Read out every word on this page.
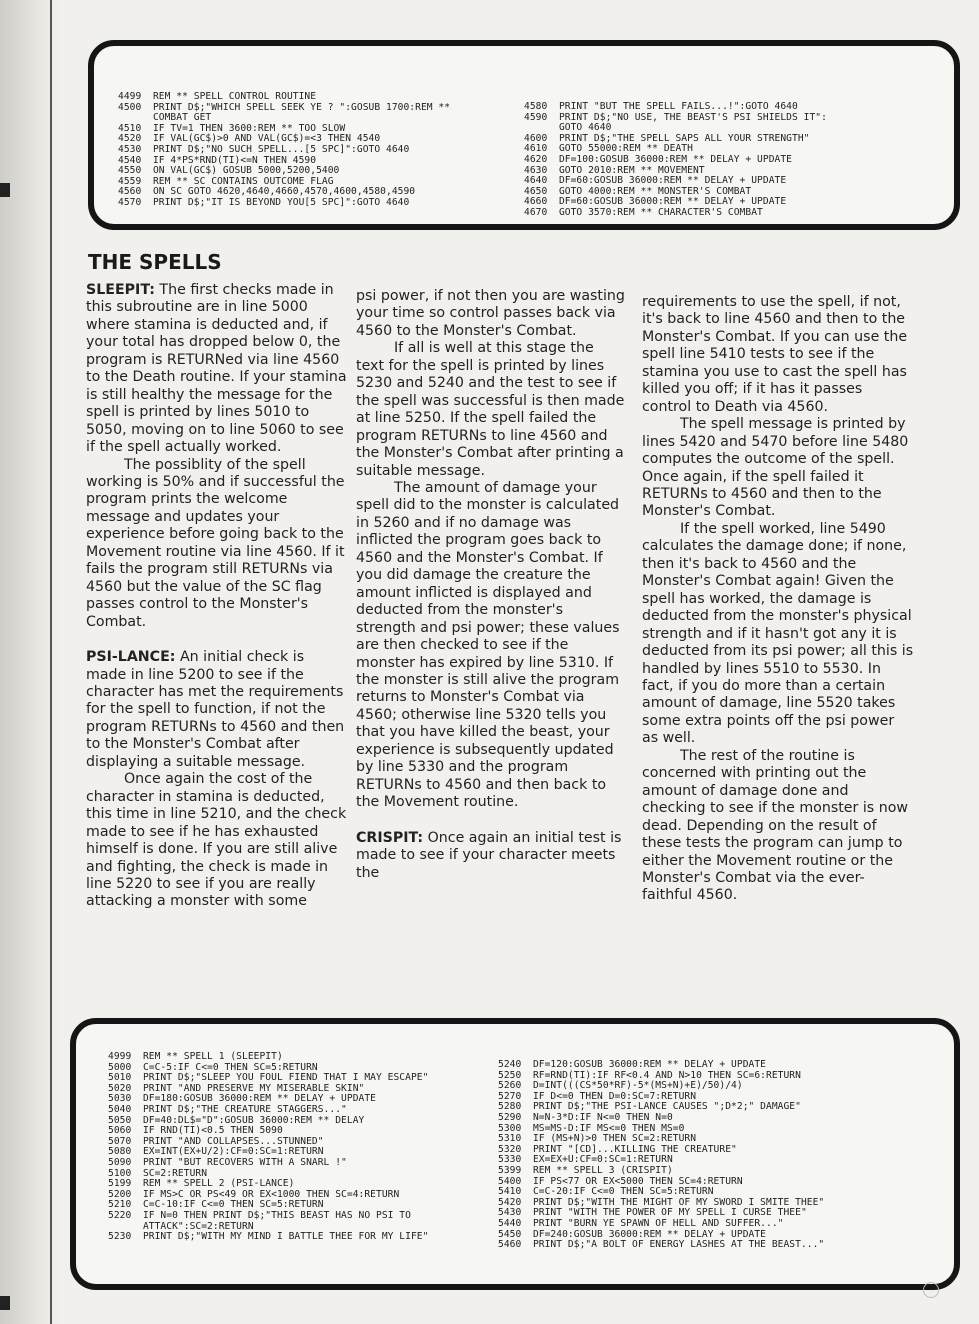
4499  REM ** SPELL CONTROL ROUTINE
4500  PRINT D$;"WHICH SPELL SEEK YE ? ":GOSUB 1700:REM **
COMBAT GET
4510  IF TV=1 THEN 3600:REM ** TOO SLOW
4520  IF VAL(GC$)>0 AND VAL(GC$)=<3 THEN 4540
4530  PRINT D$;"NO SUCH SPELL...[5 SPC]":GOTO 4640
4540  IF 4*PS*RND(TI)<=N THEN 4590
4550  ON VAL(GC$) GOSUB 5000,5200,5400
4559  REM ** SC CONTAINS OUTCOME FLAG
4560  ON SC GOTO 4620,4640,4660,4570,4600,4580,4590
4570  PRINT D$;"IT IS BEYOND YOU[5 SPC]":GOTO 4640
4580  PRINT "BUT THE SPELL FAILS...!":GOTO 4640
4590  PRINT D$;"NO USE, THE BEAST'S PSI SHIELDS IT":
GOTO 4640
4600  PRINT D$;"THE SPELL SAPS ALL YOUR STRENGTH"
4610  GOTO 55000:REM ** DEATH
4620  DF=100:GOSUB 36000:REM ** DELAY + UPDATE
4630  GOTO 2010:REM ** MOVEMENT
4640  DF=60:GOSUB 36000:REM ** DELAY + UPDATE
4650  GOTO 4000:REM ** MONSTER'S COMBAT
4660  DF=60:GOSUB 36000:REM ** DELAY + UPDATE
4670  GOTO 3570:REM ** CHARACTER'S COMBAT
THE SPELLS

SLEEPIT: The first checks made in this subroutine are in line 5000 where stamina is deducted and, if your total has dropped below 0, the program is RETURNed via line 4560 to the Death routine. If your stamina is still healthy the message for the spell is printed by lines 5010 to 5050, moving on to line 5060 to see if the spell actually worked.

The possiblity of the spell working is 50% and if successful the program prints the welcome message and updates your experience before going back to the Movement routine via line 4560. If it fails the program still RETURNs via 4560 but the value of the SC flag passes control to the Monster's Combat.

PSI-LANCE: An initial check is made in line 5200 to see if the character has met the requirements for the spell to function, if not the program RETURNs to 4560 and then to the Monster's Combat after displaying a suitable message.

Once again the cost of the character in stamina is deducted, this time in line 5210, and the check made to see if he has exhausted himself is done. If you are still alive and fighting, the check is made in line 5220 to see if you are really attacking a monster with some

psi power, if not then you are wasting your time so control passes back via 4560 to the Monster's Combat.

If all is well at this stage the text for the spell is printed by lines 5230 and 5240 and the test to see if the spell was successful is then made at line 5250. If the spell failed the program RETURNs to line 4560 and the Monster's Combat after printing a suitable message.

The amount of damage your spell did to the monster is calculated in 5260 and if no damage was inflicted the program goes back to 4560 and the Monster's Combat. If you did damage the creature the amount inflicted is displayed and deducted from the monster's strength and psi power; these values are then checked to see if the monster has expired by line 5310. If the monster is still alive the program returns to Monster's Combat via 4560; otherwise line 5320 tells you that you have killed the beast, your experience is subsequently updated by line 5330 and the program RETURNs to 4560 and then back to the Movement routine.

CRISPIT: Once again an initial test is made to see if your character meets the

requirements to use the spell, if not, it's back to line 4560 and then to the Monster's Combat. If you can use the spell line 5410 tests to see if the stamina you use to cast the spell has killed you off; if it has it passes control to Death via 4560.

The spell message is printed by lines 5420 and 5470 before line 5480 computes the outcome of the spell. Once again, if the spell failed it RETURNs to 4560 and then to the Monster's Combat.

If the spell worked, line 5490 calculates the damage done; if none, then it's back to 4560 and the Monster's Combat again! Given the spell has worked, the damage is deducted from the monster's physical strength and if it hasn't got any it is deducted from its psi power; all this is handled by lines 5510 to 5530. In fact, if you do more than a certain amount of damage, line 5520 takes some extra points off the psi power as well.

The rest of the routine is concerned with printing out the amount of damage done and checking to see if the monster is now dead. Depending on the result of these tests the program can jump to either the Movement routine or the Monster's Combat via the ever-faithful 4560.

4999  REM ** SPELL 1 (SLEEPIT)
5000  C=C-5:IF C<=0 THEN SC=5:RETURN
5010  PRINT D$;"SLEEP YOU FOUL FIEND THAT I MAY ESCAPE"
5020  PRINT "AND PRESERVE MY MISERABLE SKIN"
5030  DF=180:GOSUB 36000:REM ** DELAY + UPDATE
5040  PRINT D$;"THE CREATURE STAGGERS..."
5050  DF=40:DL$="D":GOSUB 36000:REM ** DELAY
5060  IF RND(TI)<0.5 THEN 5090
5070  PRINT "AND COLLAPSES...STUNNED"
5080  EX=INT(EX+U/2):CF=0:SC=1:RETURN
5090  PRINT "BUT RECOVERS WITH A SNARL !"
5100  SC=2:RETURN
5199  REM ** SPELL 2 (PSI-LANCE)
5200  IF MS>C OR PS<49 OR EX<1000 THEN SC=4:RETURN
5210  C=C-10:IF C<=0 THEN SC=5:RETURN
5220  IF N=0 THEN PRINT D$;"THIS BEAST HAS NO PSI TO
ATTACK":SC=2:RETURN
5230  PRINT D$;"WITH MY MIND I BATTLE THEE FOR MY LIFE"
5240  DF=120:GOSUB 36000:REM ** DELAY + UPDATE
5250  RF=RND(TI):IF RF<0.4 AND N>10 THEN SC=6:RETURN
5260  D=INT(((CS*50*RF)-5*(MS+N)+E)/50)/4)
5270  IF D<=0 THEN D=0:SC=7:RETURN
5280  PRINT D$;"THE PSI-LANCE CAUSES ";D*2;" DAMAGE"
5290  N=N-3*D:IF N<=0 THEN N=0
5300  MS=MS-D:IF MS<=0 THEN MS=0
5310  IF (MS+N)>0 THEN SC=2:RETURN
5320  PRINT "[CD]...KILLING THE CREATURE"
5330  EX=EX+U:CF=0:SC=1:RETURN
5399  REM ** SPELL 3 (CRISPIT)
5400  IF PS<77 OR EX<5000 THEN SC=4:RETURN
5410  C=C-20:IF C<=0 THEN SC=5:RETURN
5420  PRINT D$;"WITH THE MIGHT OF MY SWORD I SMITE THEE"
5430  PRINT "WITH THE POWER OF MY SPELL I CURSE THEE"
5440  PRINT "BURN YE SPAWN OF HELL AND SUFFER..."
5450  DF=240:GOSUB 36000:REM ** DELAY + UPDATE
5460  PRINT D$;"A BOLT OF ENERGY LASHES AT THE BEAST..."
